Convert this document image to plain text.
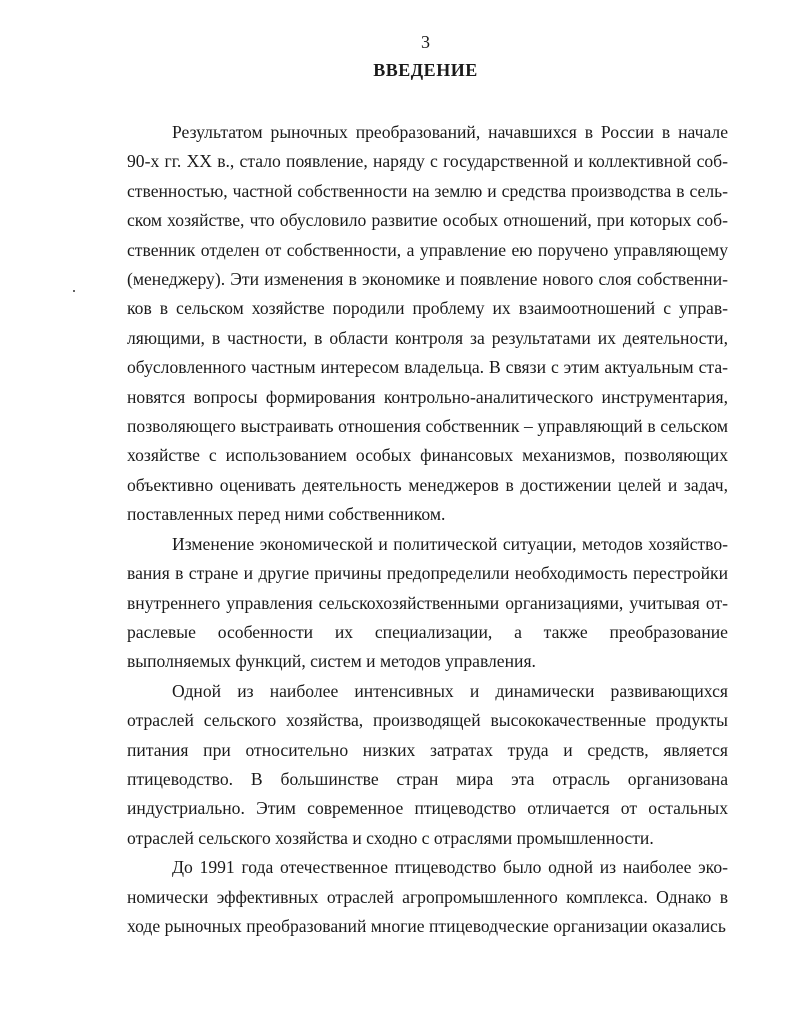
3
ВВЕДЕНИЕ

Результатом рыночных преобразований, начавшихся в России в начале 90-х гг. XX в., стало появление, наряду с государственной и коллективной собственностью, частной собственности на землю и средства производства в сельском хозяйстве, что обусловило развитие особых отношений, при которых собственник отделен от собственности, а управление ею поручено управляющему (менеджеру). Эти изменения в экономике и появление нового слоя собственников в сельском хозяйстве породили проблему их взаимоотношений с управляющими, в частности, в области контроля за результатами их деятельности, обусловленного частным интересом владельца. В связи с этим актуальным становятся вопросы формирования контрольно-аналитического инструментария, позволяющего выстраивать отношения собственник – управляющий в сельском хозяйстве с использованием особых финансовых механизмов, позволяющих объективно оценивать деятельность менеджеров в достижении целей и задач, поставленных перед ними собственником.

Изменение экономической и политической ситуации, методов хозяйствования в стране и другие причины предопределили необходимость перестройки внутреннего управления сельскохозяйственными организациями, учитывая отраслевые особенности их специализации, а также преобразование выполняемых функций, систем и методов управления.

Одной из наиболее интенсивных и динамически развивающихся отраслей сельского хозяйства, производящей высококачественные продукты питания при относительно низких затратах труда и средств, является птицеводство. В большинстве стран мира эта отрасль организована индустриально. Этим современное птицеводство отличается от остальных отраслей сельского хозяйства и сходно с отраслями промышленности.

До 1991 года отечественное птицеводство было одной из наиболее экономически эффективных отраслей агропромышленного комплекса. Однако в ходе рыночных преобразований многие птицеводческие организации оказались
